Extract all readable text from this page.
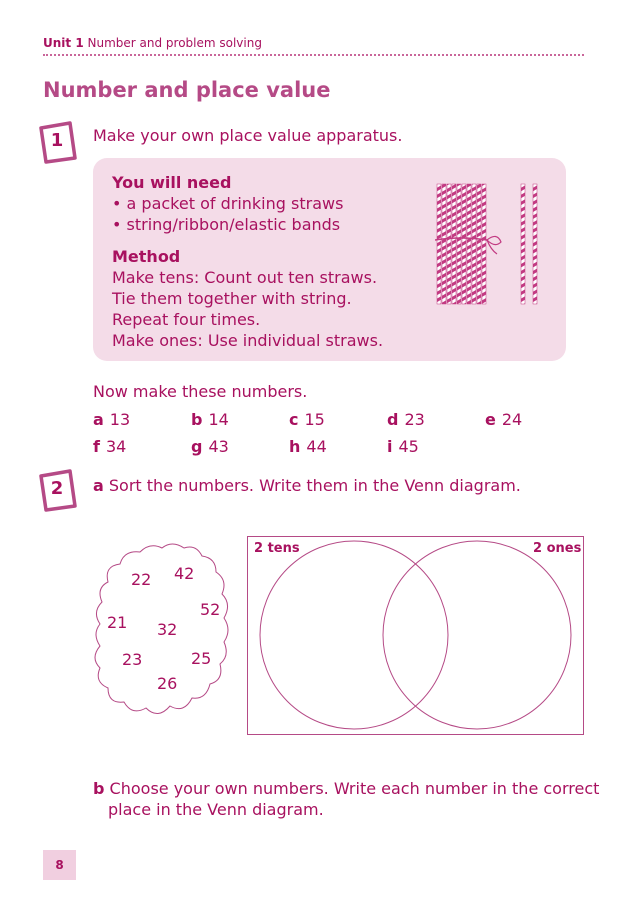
Unit 1 Number and problem solving
Number and place value
1	Make your own place value apparatus.
You will need
• a packet of drinking straws
• string/ribbon/elastic bands
Method
Make tens: Count out ten straws.
Tie them together with string.
Repeat four times.
Make ones: Use individual straws.
Now make these numbers.
a 13	b 14	c 15	d 23	e 24
f 34	g 43	h 44	i 45
2	a Sort the numbers. Write them in the Venn diagram.
22 42
52
21 32
23	25
26
2 tens	2 ones
b Choose your own numbers. Write each number in the correct
place in the Venn diagram.
8
